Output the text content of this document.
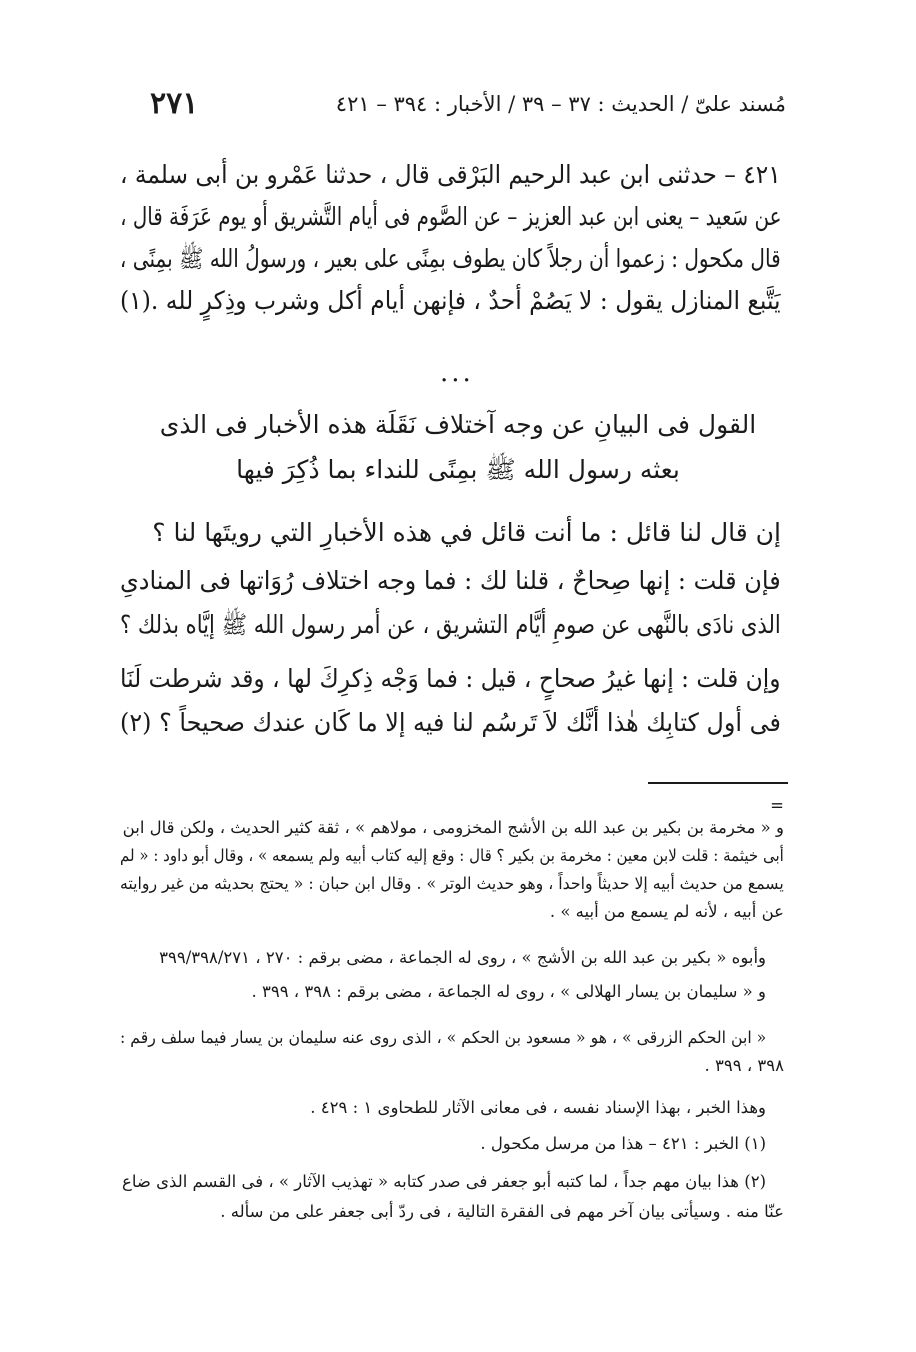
مُسند علىّ / الحديث : ٣٧ – ٣٩ / الأخبار : ٣٩٤ – ٤٢١
٢٧١
٤٢١ – حدثنى ابن عبد الرحيم البَرْقى قال ، حدثنا عَمْرو بن أبى سلمة ،
عن سَعيد – يعنى ابن عبد العزيز – عن الصَّوم فى أيام التَّشريق أو يوم عَرَفَة قال ،
قال مكحول : زعموا أن رجلاً كان يطوف بمِنًى على بعير ، ورسولُ الله ﷺ بمِنًى ،
يَتَّبع المنازل يقول : لا يَصُمْ أحدٌ ، فإنهن أيام أكل وشرب وذِكرٍ لله .(١)
...
القول فى البيانِ عن وجه آختلاف نَقَلَة هذه الأخبار فى الذى
بعثه رسول الله ﷺ بمِنًى للنداء بما ذُكِرَ فيها
إن قال لنا قائل : ما أنت قائل في هذه الأخبارِ التي رويتَها لنا ؟
فإن قلت : إنها صِحاحٌ ، قلنا لك : فما وجه اختلاف رُوَاتها فى المنادىِ
الذى نادَى بالنَّهى عن صومِ أيَّام التشريق ، عن أمر رسول الله ﷺ إيَّاه بذلك ؟
وإن قلت : إنها غيرُ صحاحٍ ، قيل : فما وَجْه ذِكرِكَ لها ، وقد شرطت لَنَا
فى أول كتابِك هٰذا أنَّك لاَ تَرسُم لنا فيه إلا ما كَان عندك صحيحاً ؟ (٢)
=
و « مخرمة بن بكير بن عبد الله بن الأشج المخزومى ، مولاهم » ، ثقة كثير الحديث ، ولكن قال ابن
أبى خيثمة : قلت لابن معين : مخرمة بن بكير ؟ قال : وقع إليه كتاب أبيه ولم يسمعه » ، وقال أبو داود : « لم
يسمع من حديث أبيه إلا حديثاً واحداً ، وهو حديث الوتر » . وقال ابن حبان : « يحتج بحديثه من غير روايته
عن أبيه ، لأنه لم يسمع من أبيه » .
وأبوه « بكير بن عبد الله بن الأشج » ، روى له الجماعة ، مضى برقم : ٢٧٠ ، ٣٩٩/٣٩٨/٢٧١
و « سليمان بن يسار الهلالى » ، روى له الجماعة ، مضى برقم : ٣٩٨ ، ٣٩٩ .
« ابن الحكم الزرقى » ، هو « مسعود بن الحكم » ، الذى روى عنه سليمان بن يسار فيما سلف رقم :
٣٩٨ ، ٣٩٩ .
وهذا الخبر ، بهذا الإسناد نفسه ، فى معانى الآثار للطحاوى ١ : ٤٢٩ .
(١) الخبر : ٤٢١ – هذا من مرسل مكحول .
(٢) هذا بيان مهم جداً ، لما كتبه أبو جعفر فى صدر كتابه « تهذيب الآثار » ، فى القسم الذى ضاع
عنّا منه . وسيأتى بيان آخر مهم فى الفقرة التالية ، فى ردّ أبى جعفر على من سأله .
